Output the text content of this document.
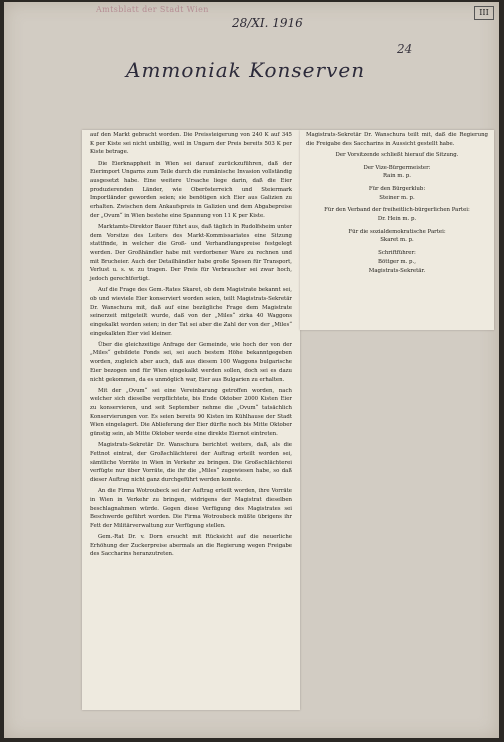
Amtsblatt der Stadt Wien
28/XI. 1916
III
24
Ammoniak Konserven

auf den Markt gebracht worden. Die Preissteigerung von 240 K auf 345 K per Kiste sei nicht unbillig, weil in Ungarn der Preis bereits 503 K per Kiste betrage.

Die Eierknappheit in Wien sei darauf zurückzuführen, daß der Eierimport Ungarns zum Teile durch die rumänische Invasion vollständig ausgesetzt habe. Eine weitere Ursache liege darin, daß die Eier produzierenden Länder, wie Oberösterreich und Steiermark Importländer geworden seien; sie benötigen sich Eier aus Galizien zu erhalten. Zwischen dem Ankaufspreis in Galizien und dem Abgabepreise der „Ovum“ in Wien bestehe eine Spannung von 11 K per Kiste.

Marktamts-Direktor Bauer führt aus, daß täglich in Rudolfsheim unter dem Vorsitze des Leiters des Markt-Kommissariates eine Sitzung stattfinde, in welcher die Groß- und Verhandlungspreise festgelegt werden. Der Großhändler habe mit verdorbener Ware zu rechnen und mit Brucheier. Auch der Detailhändler habe große Spesen für Transport, Verlust u. s. w. zu tragen. Der Preis für Verbraucher sei zwar hoch, jedoch gerechtfertigt.

Auf die Frage des Gem.-Rates Skaret, ob dem Magistrate bekannt sei, ob und wieviele Eier konserviert worden seien, teilt Magistrats-Sekretär Dr. Wanschura mit, daß auf eine bezügliche Frage dem Magistrate seinerzeit mitgeteilt wurde, daß von der „Miles“ zirka 40 Waggons eingekalkt worden seien; in der Tat sei aber die Zahl der von der „Miles“ eingekalkten Eier viel kleiner.

Über die gleichzeitige Anfrage der Gemeinde, wie hoch der von der „Miles“ gebildete Fonds sei, sei auch bestem Höhe bekanntgegeben worden, zugleich aber auch, daß aus diesem 100 Waggons bulgarische Eier bezogen und für Wien eingekalkt werden sollen, doch sei es dazu nicht gekommen, da es unmöglich war, Eier aus Bulgarien zu erhalten.

Mit der „Ovum“ sei eine Vereinbarung getroffen worden, nach welcher sich dieselbe verpflichtete, bis Ende Oktober 2000 Kisten Eier zu konservieren, und seit September nehme die „Ovum“ tatsächlich Konservierungen vor. Es seien bereits 90 Kisten im Kühlhause der Stadt Wien eingelagert. Die Ablieferung der Eier dürfte noch bis Mitte Oktober günstig sein, ab Mitte Oktober werde eine direkte Eiernot eintreten.

Magistrats-Sekretär Dr. Wanschura berichtet weiters, daß, als die Fettnot eintrat, der Großschlächterei der Auftrag erteilt worden sei, sämtliche Vorräte in Wien in Verkehr zu bringen. Die Großschlächterei verfügte nur über Vorräte, die ihr die „Miles“ zugewiesen habe, so daß dieser Auftrag nicht ganz durchgeführt werden konnte.

An die Firma Wotroubeck sei der Auftrag erteilt worden, ihre Vorräte in Wien in Verkehr zu bringen, widrigens der Magistrat dieselben beschlagnahmen würde. Gegen diese Verfügung des Magistrates sei Beschwerde geführt worden. Die Firma Wotroubeck müßte übrigens ihr Fett der Militärverwaltung zur Verfügung stellen.

Gem.-Rat Dr. v. Dorn ersucht mit Rücksicht auf die neuerliche Erhöhung der Zuckerpreise abermals an die Regierung wegen Freigabe des Saccharins heranzutreten.

Magistrats-Sekretär Dr. Wanschura teilt mit, daß die Regierung die Freigabe des Saccharins in Aussicht gestellt habe.

Der Vorsitzende schließt hierauf die Sitzung.

Der Vize-Bürgermeister:
Rain m. p.
Für den Bürgerklub:
Steiner m. p.
Für den Verband der freiheitlich-bürgerlichen Partei:
Dr. Hein m. p.
Für die sozialdemokratische Partei:
Skaret m. p.
Schriftführer:
Böttger m. p.,
Magistrats-Sekretär.
